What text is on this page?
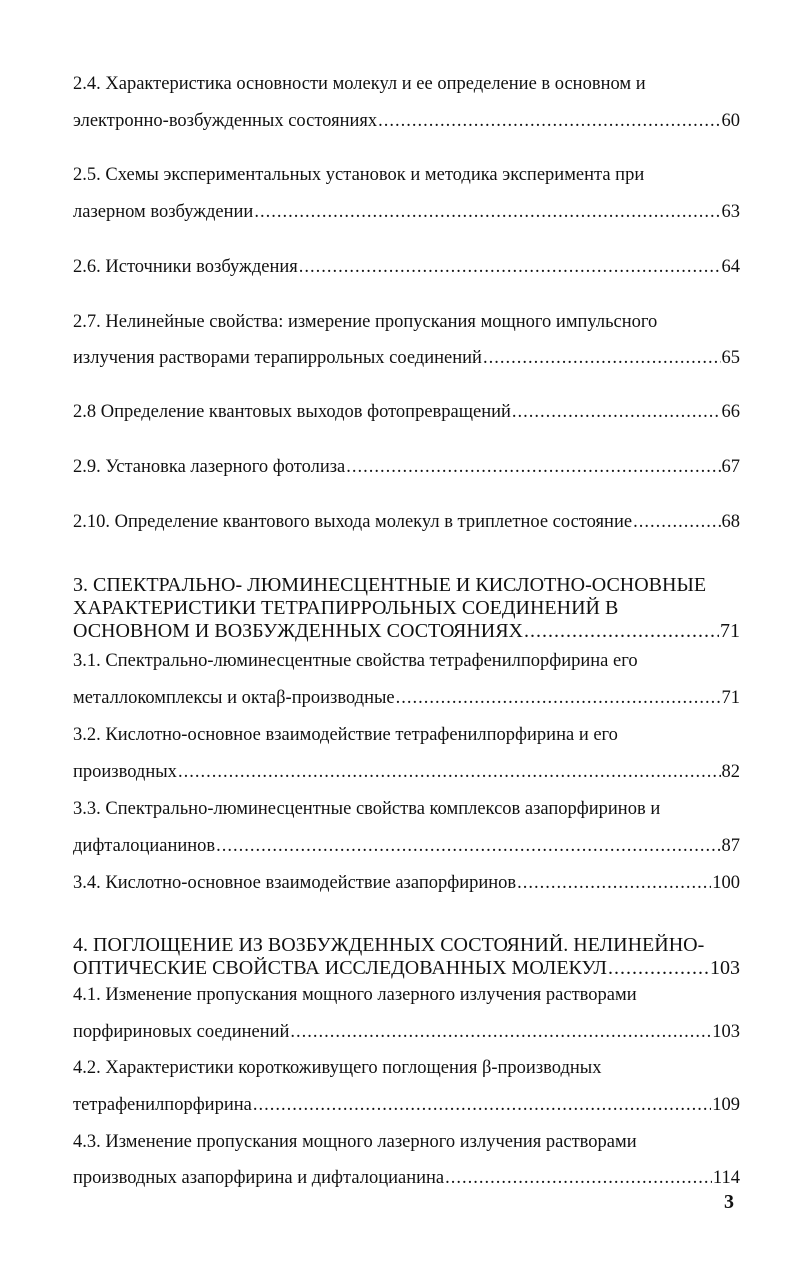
2.4. Характеристика основности молекул и ее определение в основном и
электронно-возбужденных состояниях .....	60
2.5. Схемы экспериментальных установок и методика эксперимента при
лазерном возбуждении .....	63
2.6. Источники возбуждения .....	64
2.7. Нелинейные свойства: измерение пропускания мощного импульсного
излучения растворами терапиррольных соединений .....	65
2.8 Определение квантовых выходов фотопревращений .....	66
2.9. Установка лазерного фотолиза .....	67
2.10. Определение квантового выхода молекул в триплетное состояние .....	68
3. СПЕКТРАЛЬНО- ЛЮМИНЕСЦЕНТНЫЕ И КИСЛОТНО-ОСНОВНЫЕ
ХАРАКТЕРИСТИКИ ТЕТРАПИРРОЛЬНЫХ СОЕДИНЕНИЙ В
ОСНОВНОМ И ВОЗБУЖДЕННЫХ СОСТОЯНИЯХ .....	71
3.1. Спектрально-люминесцентные свойства тетрафенилпорфирина его
металлокомплексы и октаβ-производные .....	71
3.2. Кислотно-основное взаимодействие тетрафенилпорфирина и его
производных .....	82
3.3. Спектрально-люминесцентные свойства комплексов азапорфиринов и
дифталоцианинов .....	87
3.4. Кислотно-основное взаимодействие азапорфиринов .....	100
4. ПОГЛОЩЕНИЕ ИЗ ВОЗБУЖДЕННЫХ СОСТОЯНИЙ. НЕЛИНЕЙНО-
ОПТИЧЕСКИЕ СВОЙСТВА ИССЛЕДОВАННЫХ МОЛЕКУЛ .....	103
4.1. Изменение пропускания мощного лазерного излучения растворами
порфириновых соединений .....	103
4.2. Характеристики короткоживущего поглощения β-производных
тетрафенилпорфирина .....	109
4.3. Изменение пропускания мощного лазерного излучения растворами
производных азапорфирина и дифталоцианина .....	114
3
